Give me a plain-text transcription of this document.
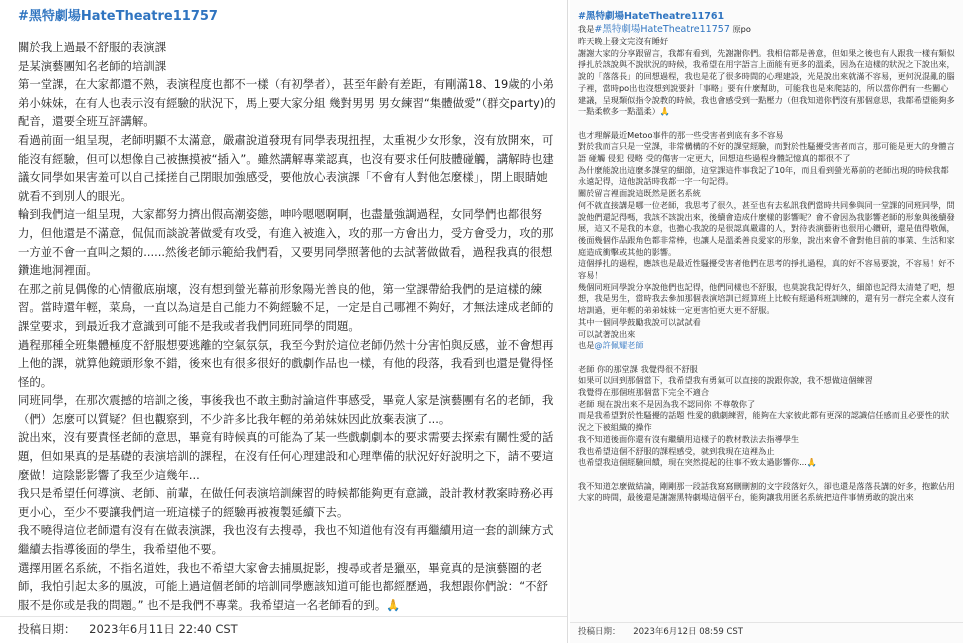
#黑特劇場HateTheatre11757

關於我上過最不舒服的表演課

是某演藝團知名老師的培訓課

第一堂課，在大家都還不熟，表演程度也都不一樣（有初學者），甚至年齡有差距，有剛滿18、19歲的小弟弟小妹妹，在有人也表示沒有經驗的狀況下，馬上要大家分組 幾對男男 男女練習“集體做愛”（群交party)的配音，還要全班互評講解。

看過前面一組呈現，老師明顯不太滿意，嚴肅說道發現有同學表現扭捏，太重視少女形象，沒有放開來，可能沒有經驗，但可以想像自己被撫摸被“插入”。雖然講解專業認真，也沒有要求任何肢體碰觸，講解時也建議女同學如果害羞可以自己揉搓自己閉眼加強感受，要他放心表演課「不會有人對他怎麼樣」，閉上眼睛她就看不到別人的眼光。

輪到我們這一組呈現，大家都努力擠出假高潮姿態，呻吟嗯嗯啊啊，也盡量強調過程，女同學們也都很努力，但他還是不滿意，侃侃而談說著做愛有攻受，有進入被進入，攻的那一方會出力，受方會受力，攻的那一方並不會一直叫之類的......然後老師示範給我們看，又要男同學照著他的去試著做做看，過程我真的很想鑽進地洞裡面。

在那之前見偶像的心情徹底崩壞，沒有想到螢光幕前形象陽光善良的他，第一堂課帶給我們的是這樣的練習。當時還年輕，菜鳥，一直以為這是自己能力不夠經驗不足，一定是自己哪裡不夠好，才無法達成老師的課堂要求，到最近我才意識到可能不是我或者我們同班同學的問題。

過程那種全班集體極度不舒服想要逃離的空氣氛氛，我至今對於這位老師仍然十分害怕與反感，並不會想再上他的課，就算他鏡頭形象不錯，後來也有很多很好的戲劇作品也一樣，有他的段落，我看到也還是覺得怪怪的。

同班同學，在那次震撼的培訓之後，事後我也不敢主動討論這件事感受，畢竟人家是演藝團有名的老師，我（們）怎麼可以質疑？但也觀察到，不少許多比我年輕的弟弟妹妹因此放棄表演了...。

說出來，沒有要責怪老師的意思，畢竟有時候真的可能為了某一些戲劇劇本的要求需要去探索有關性愛的話題，但如果真的是基礎的表演培訓的課程，在沒有任何心理建設和心理準備的狀況好好說明之下，請不要這麼做！這陰影影響了我至少這幾年...

我只是希望任何導演、老師、前輩，在做任何表演培訓練習的時候都能夠更有意識，設計教材教案時務必再更小心，至少不要讓我們這一班這樣子的經驗再被複製延續下去。

我不曉得這位老師還有沒有在做表演課，我也沒有去搜尋，我也不知道他有沒有再繼續用這一套的訓練方式繼續去指導後面的學生，我希望他不要。

選擇用匿名系統，不指名道姓，我也不希望大家會去捕風捉影，搜尋或者是獵巫，畢竟真的是演藝圈的老師，我怕引起太多的風波，可能上過這個老師的培訓同學應該知道可能也都經歷過，我想跟你們說：“不舒服不是你或是我的問題。” 也不是我們不專業。我希望這一名老師看的到。🙏

投稿日期： 2023年6月11日 22:40 CST
#黑特劇場HateTheatre11761
我是#黑特劇場HateTheatre11757 原po

昨天晚上發文完沒有睡好

謝謝大家的分享跟留言，我都有看到，先謝謝你們。我相信都是善意，但如果之後也有人跟我一樣有類似掙扎於該說與不說狀況的時候，我希望在用字語言上面能有更多的溫柔，因為在這樣的狀況之下說出來，說的「落落長」的回想過程，我也是花了很多時間的心理建設，光是說出來就滿不容易，更何況混亂的腦子裡，當時po出也沒想到說要針「事略」要有什麼幫助，可能我也是來爬誌的，所以當你們有一些關心建議，呈現類似指令說教的時候，我也會感受到一點壓力（但我知道你們沒有那個意思，我都希望能夠多一點柔軟多一點溫柔）🙏

也才理解最近Metoo事件的那一些受害者到底有多不容易

對於我而言只是一堂課，非常構構的不好的課堂經驗，而對於性騷擾受害者而言，那可能是更大的身體言語 碰觸 侵犯 侵略 受的傷害一定更大，回想這些過程身體記憶真的都很不了

為什麼能說出這麼多課堂的細節，這堂課這件事我記了10年，而且看到螢光幕前的老師出現的時候我都永遠記得，這他說話時我都一字一句記得。

關於留言裡面說這既然是匿名系統

何不就直接講是哪一位老師，我思考了很久，甚至也有去私訊我們當時共同參與同一堂課的同班同學，問說他們還記得嗎，我該不該說出來，後續會造成什麼樣的影響呢？會不會因為我影響老師的形象與後續發展，這又不是我的本意，也擔心我說的是很認真嚴肅的人，對待表演藝術也很用心鑽研，還是值得敬佩，後面幾個作品跟角色都非常棒，也讓人是溫柔善良愛家的形象，說出來會不會對他目前的事業、生活和家庭造成衝擊或其他的影響。

這個掙扎的過程，應該也是最近性騷擾受害者他們在思考的掙扎過程，真的好不容易要說，不容易！好不容易！

幾個同班同學說分享說他們也記得，他們同樣也不舒服，也莫說我記得好久，細節也記得太清楚了吧，想想，我是男生，當時我去參加那個表演培訓已經算班上比較有經過科班訓練的，還有另一群完全素人沒有培訓過，更年輕的弟弟妹妹一定更害怕更大更不舒服。

其中一個同學鼓勵我說可以試試看

可以試著說出來

也是@許佩耀老師

老師 你的那堂課 我覺得很不舒服

如果可以回到那個當下，我希望我有勇氣可以直接的說跟你說，我不想做這個練習

我覺得在那個班那個當下完全不適合

老師 現在說出來不是因為我不認同你 不尊敬你了

而是我希望對於性騷擾的話題 性愛的戲劇練習，能夠在大家彼此都有更深的認識信任感而且必要性的狀況之下被組織的操作

我不知道後面你還有沒有繼續用這樣子的教材教法去指導學生

我也希望這個不舒服的課程感受，就到我現在這裡為止

也希望我這個經驗回饋，現在突然提起的往事不致太過影響你...🙏

我不知道怎麼做結論，剛剛那一段話我寫寫刪刪割的文字段落好久，卻也還是落落長講的好多，抱歉佔用大家的時間，最後還是謝謝黑特劇場這個平台，能夠讓我用匿名系統把這件事情勇敢的說出來

投稿日期： 2023年6月12日 08:59 CST
